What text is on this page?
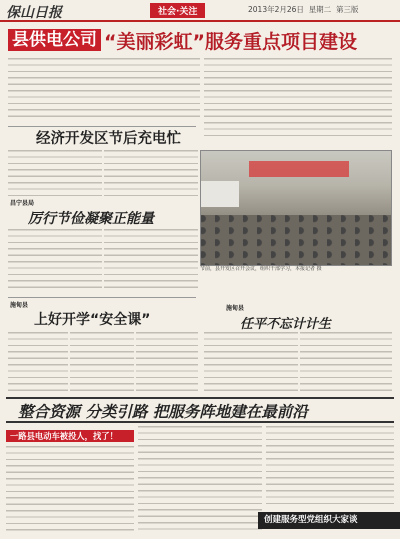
保山日报	社会·关注	2013年2月26日 星期二 第三版
县供电公司 “美丽彩虹”服务重点项目建设
经济开发区节后充电忙
节前，县开发区召开会议，组织干部学习，本报记者 摄
昌宁县局
厉行节俭凝聚正能量
施甸县
上好开学“安全课”
施甸县
任平不忘计计生
整合资源 分类引路 把服务阵地建在最前沿
一路县电动车被投人，找了！
创建服务型党组织大家谈
